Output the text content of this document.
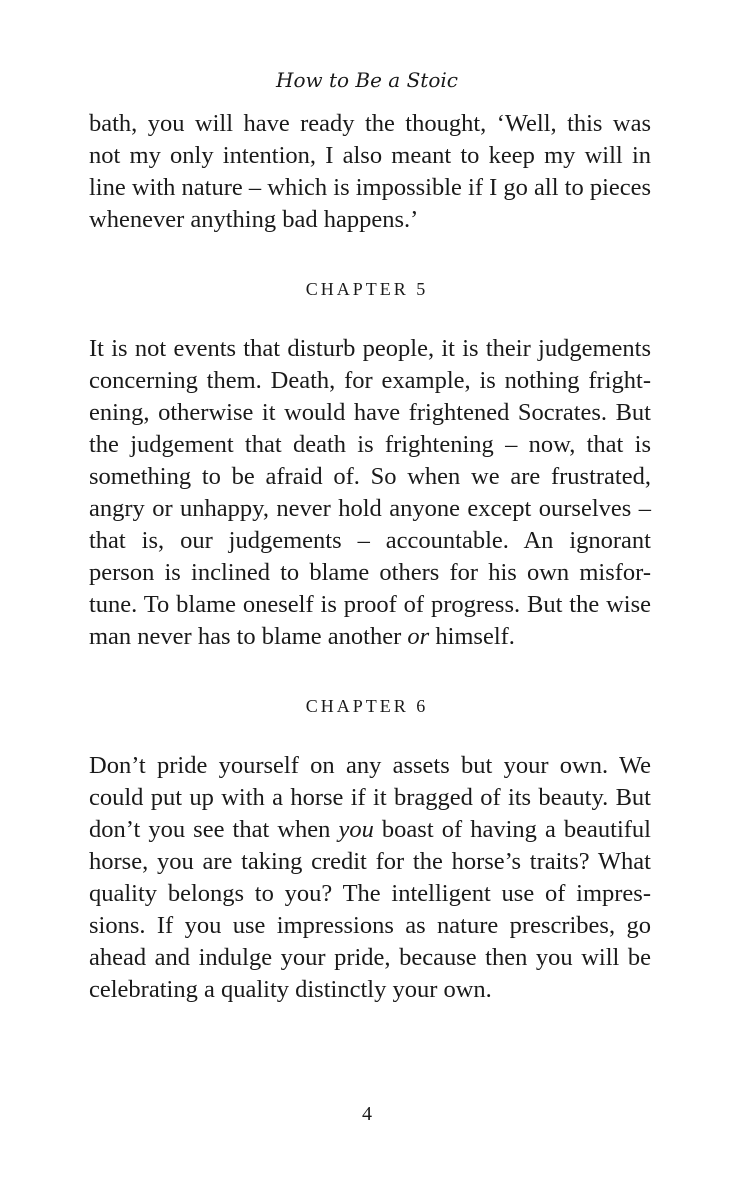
How to Be a Stoic

bath, you will have ready the thought, ‘Well, this was
not my only intention, I also meant to keep my will in
line with nature – which is impossible if I go all to pieces
whenever anything bad happens.’

CHAPTER 5

It is not events that disturb people, it is their judgements
concerning them. Death, for example, is nothing fright-
ening, otherwise it would have frightened Socrates. But
the judgement that death is frightening – now, that is
something to be afraid of. So when we are frustrated,
angry or unhappy, never hold anyone except ourselves –
that is, our judgements – accountable. An ignorant
person is inclined to blame others for his own misfor-
tune. To blame oneself is proof of progress. But the wise
man never has to blame another or himself.

CHAPTER 6

Don’t pride yourself on any assets but your own. We
could put up with a horse if it bragged of its beauty. But
don’t you see that when you boast of having a beautiful
horse, you are taking credit for the horse’s traits? What
quality belongs to you? The intelligent use of impres-
sions. If you use impressions as nature prescribes, go
ahead and indulge your pride, because then you will be
celebrating a quality distinctly your own.

4
